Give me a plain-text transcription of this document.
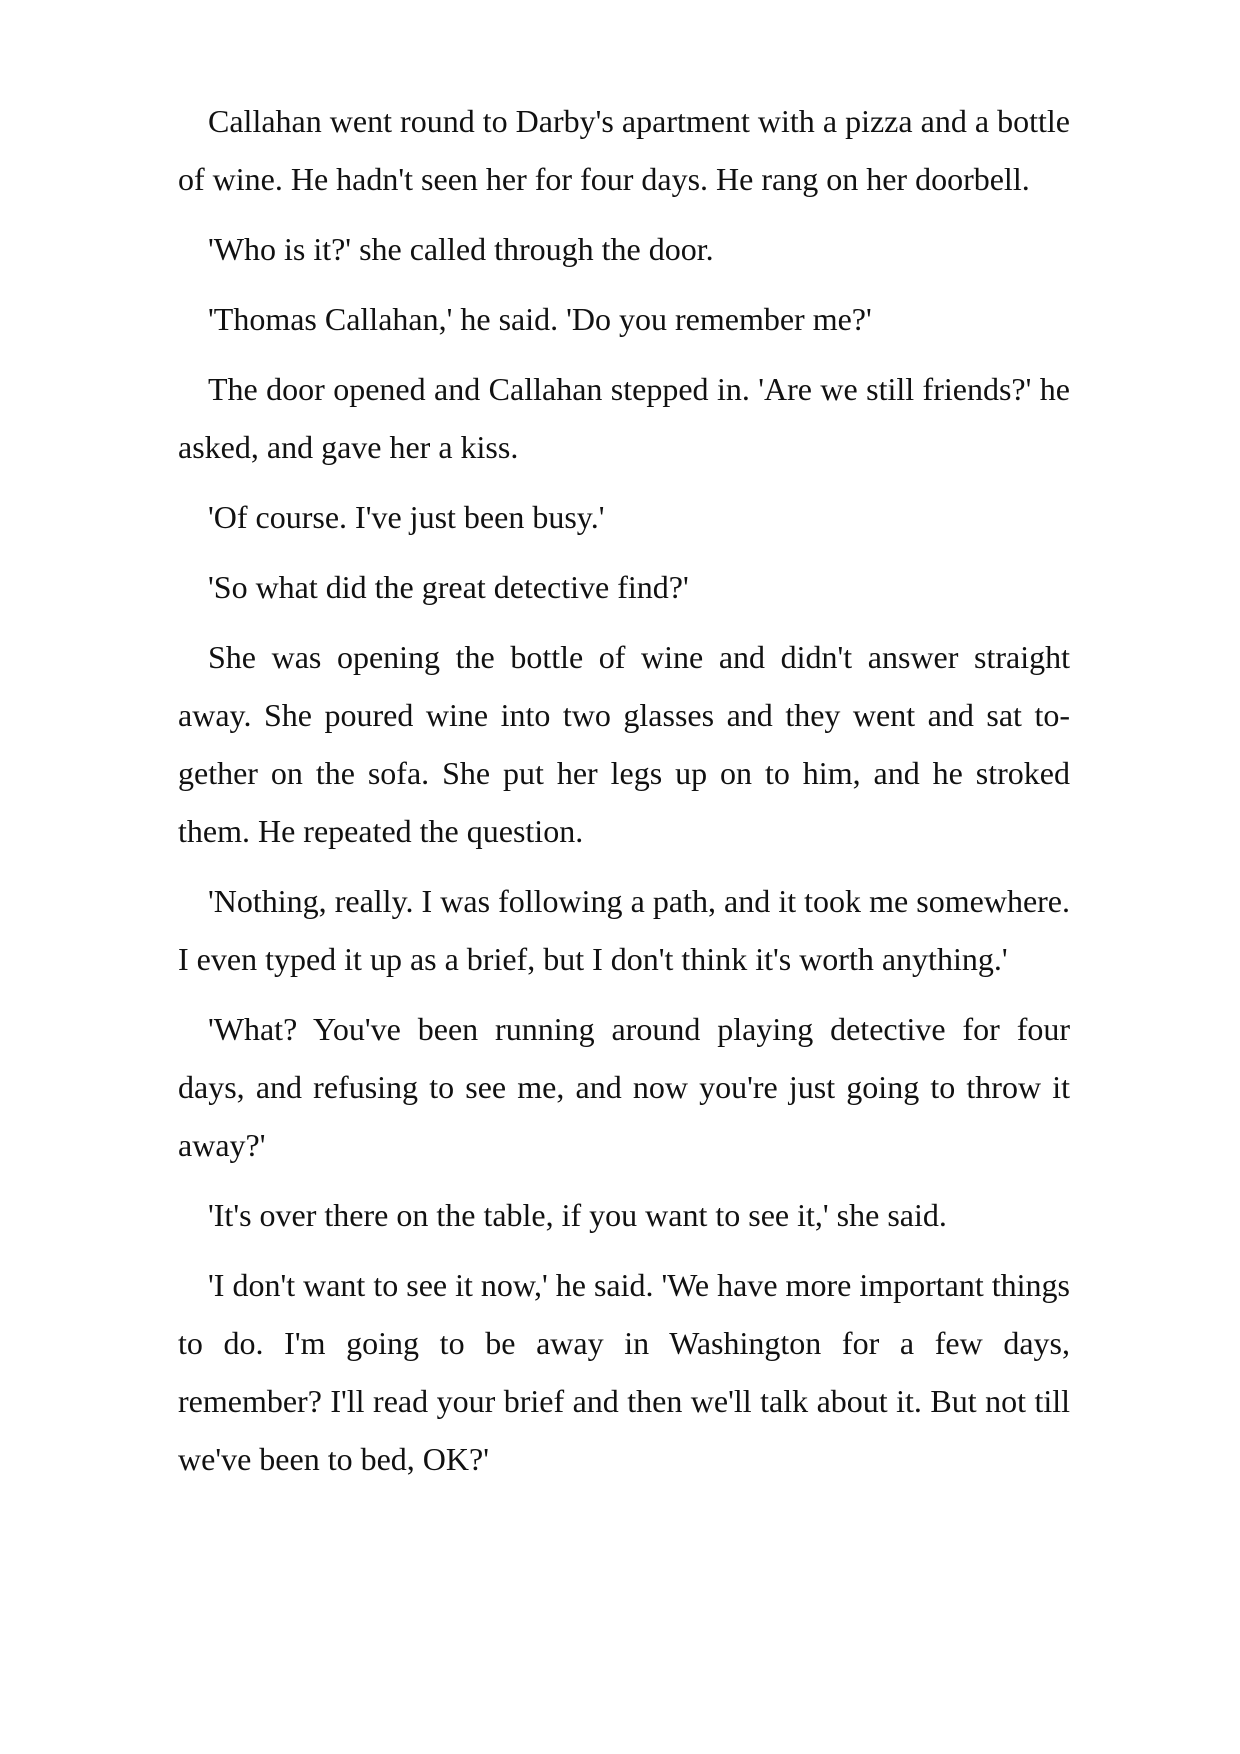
Callahan went round to Darby's apartment with a pizza and a bottle of wine. He hadn't seen her for four days. He rang on her doorbell.

'Who is it?' she called through the door.

'Thomas Callahan,' he said. 'Do you remember me?'

The door opened and Callahan stepped in. 'Are we still friends?' he asked, and gave her a kiss.

'Of course. I've just been busy.'

'So what did the great detective find?'

She was opening the bottle of wine and didn't answer straight away. She poured wine into two glasses and they went and sat together on the sofa. She put her legs up on to him, and he stroked them. He repeated the question.

'Nothing, really. I was following a path, and it took me somewhere. I even typed it up as a brief, but I don't think it's worth anything.'

'What? You've been running around playing detective for four days, and refusing to see me, and now you're just going to throw it away?'

'It's over there on the table, if you want to see it,' she said.

'I don't want to see it now,' he said. 'We have more important things to do. I'm going to be away in Washington for a few days, remember? I'll read your brief and then we'll talk about it. But not till we've been to bed, OK?'
